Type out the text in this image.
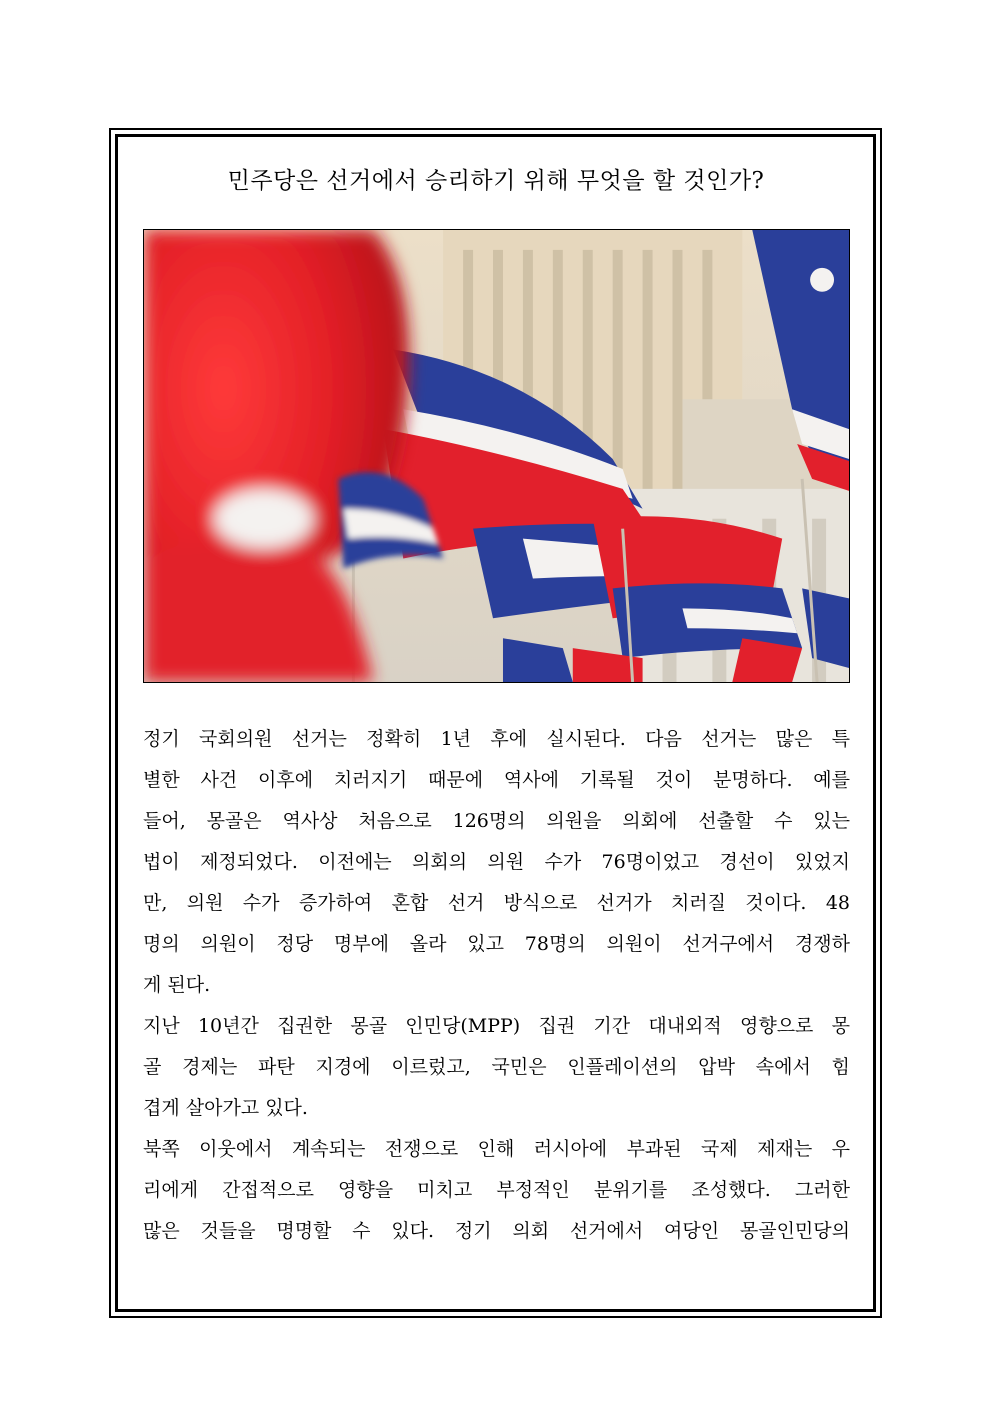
민주당은 선거에서 승리하기 위해 무엇을 할 것인가?
정기 국회의원 선거는 정확히 1년 후에 실시된다. 다음 선거는 많은 특
별한 사건 이후에 치러지기 때문에 역사에 기록될 것이 분명하다. 예를
들어, 몽골은 역사상 처음으로 126명의 의원을 의회에 선출할 수 있는
법이 제정되었다. 이전에는 의회의 의원 수가 76명이었고 경선이 있었지
만, 의원 수가 증가하여 혼합 선거 방식으로 선거가 치러질 것이다. 48
명의 의원이 정당 명부에 올라 있고 78명의 의원이 선거구에서 경쟁하
게 된다.
지난 10년간 집권한 몽골 인민당(MPP) 집권 기간 대내외적 영향으로 몽
골 경제는 파탄 지경에 이르렀고, 국민은 인플레이션의 압박 속에서 힘
겹게 살아가고 있다.
북쪽 이웃에서 계속되는 전쟁으로 인해 러시아에 부과된 국제 제재는 우
리에게 간접적으로 영향을 미치고 부정적인 분위기를 조성했다. 그러한
많은 것들을 명명할 수 있다. 정기 의회 선거에서 여당인 몽골인민당의
